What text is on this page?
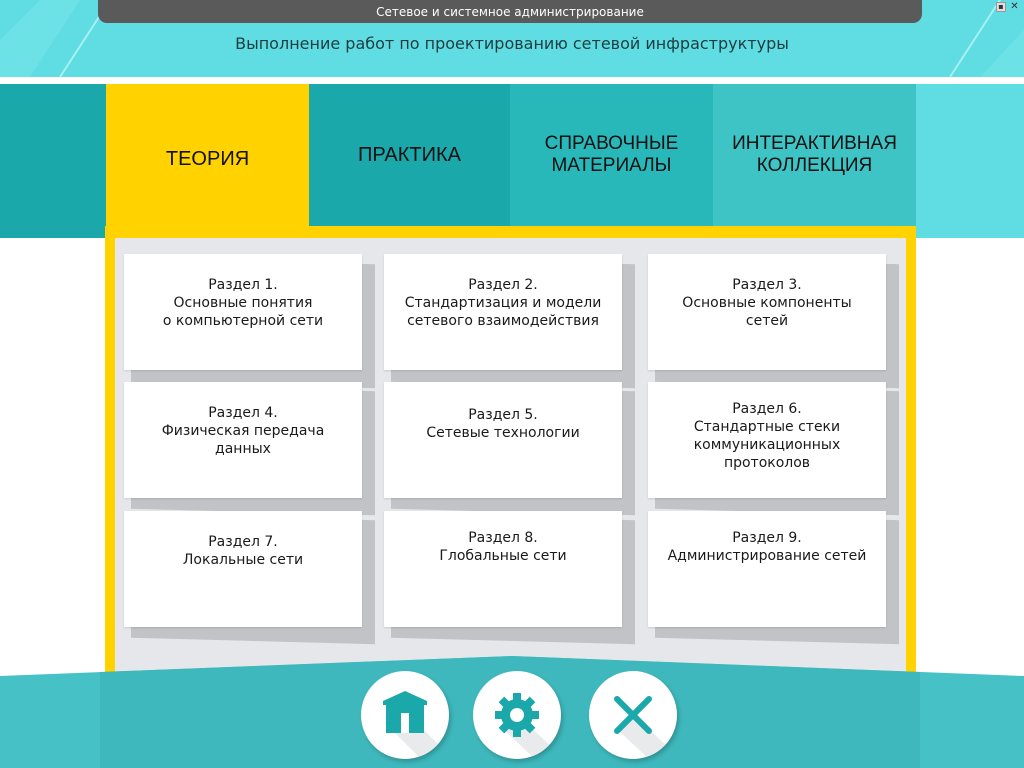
Сетевое и системное администрирование	▪ ✕
Выполнение работ по проектированию сетевой инфраструктуры
ТЕОРИЯ	ПРАКТИКА
СПРАВОЧНЫЕ
МАТЕРИАЛЫ
ИНТЕРАКТИВНАЯ
КОЛЛЕКЦИЯ
Раздел 1.
Основные понятия
о компьютерной сети
Раздел 2.
Стандартизация и модели
сетевого взаимодействия
Раздел 3.
Основные компоненты
сетей
Раздел 4.
Физическая передача
данных
Раздел 5.
Сетевые технологии
Раздел 6.
Стандартные стеки
коммуникационных
протоколов
Раздел 7.
Локальные сети
Раздел 8.
Глобальные сети
Раздел 9.
Администрирование сетей
